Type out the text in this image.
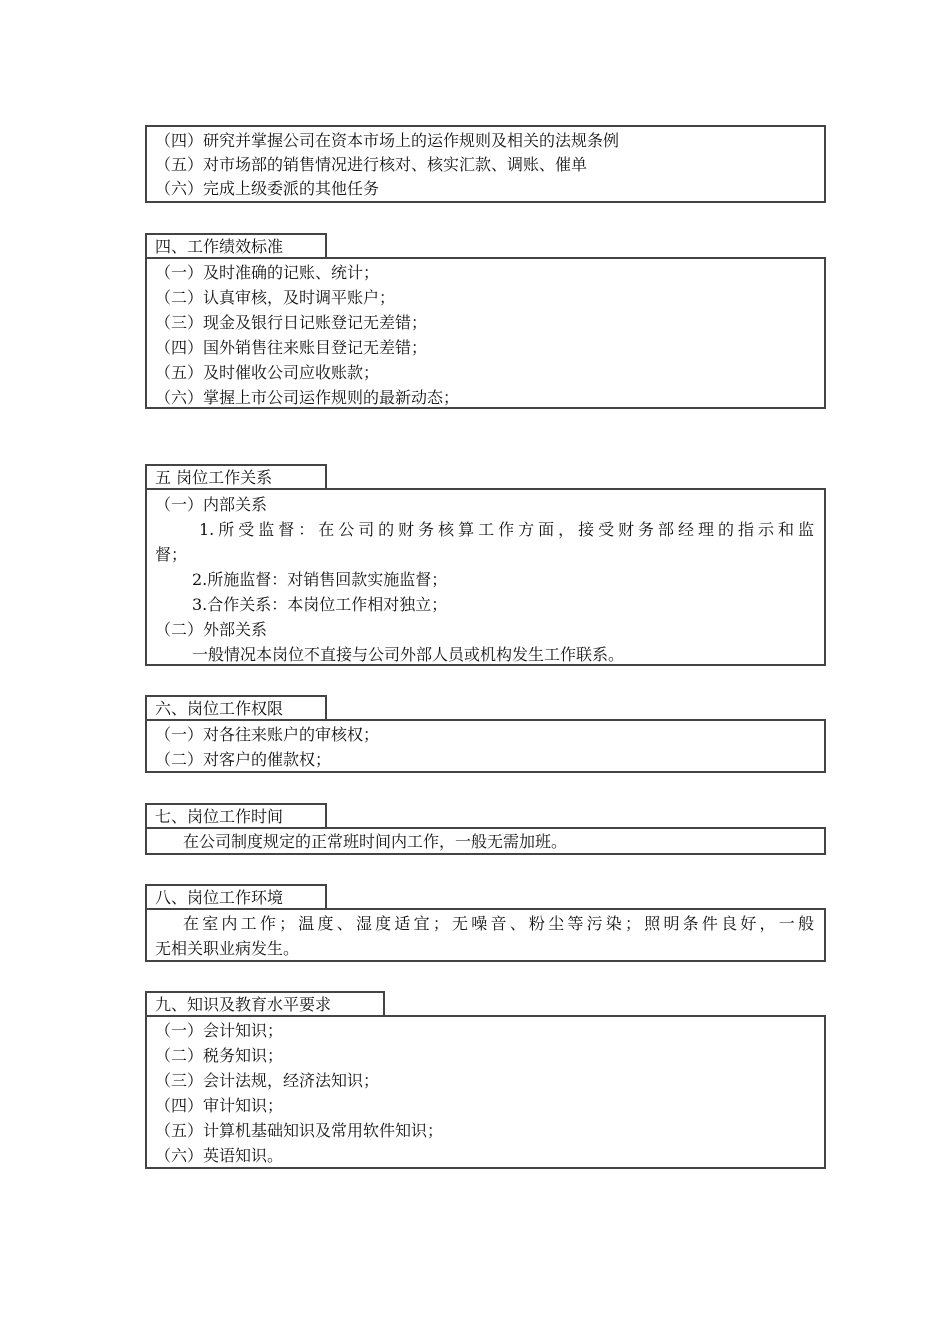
（四）研究并掌握公司在资本市场上的运作规则及相关的法规条例
（五）对市场部的销售情况进行核对、核实汇款、调账、催单
（六）完成上级委派的其他任务
四、工作绩效标准
（一）及时准确的记账、统计；
（二）认真审核，及时调平账户；
（三）现金及银行日记账登记无差错；
（四）国外销售往来账目登记无差错；
（五）及时催收公司应收账款；
（六）掌握上市公司运作规则的最新动态；
五 岗位工作关系
（一）内部关系
1.所受监督：在公司的财务核算工作方面，接受财务部经理的指示和监
督；
2.所施监督：对销售回款实施监督；
3.合作关系：本岗位工作相对独立；
（二）外部关系
一般情况本岗位不直接与公司外部人员或机构发生工作联系。
六、岗位工作权限
（一）对各往来账户的审核权；
（二）对客户的催款权；
七、岗位工作时间
在公司制度规定的正常班时间内工作，一般无需加班。
八、岗位工作环境
在室内工作；温度、湿度适宜；无噪音、粉尘等污染；照明条件良好，一般
无相关职业病发生。
九、知识及教育水平要求
（一）会计知识；
（二）税务知识；
（三）会计法规，经济法知识；
（四）审计知识；
（五）计算机基础知识及常用软件知识；
（六）英语知识。
